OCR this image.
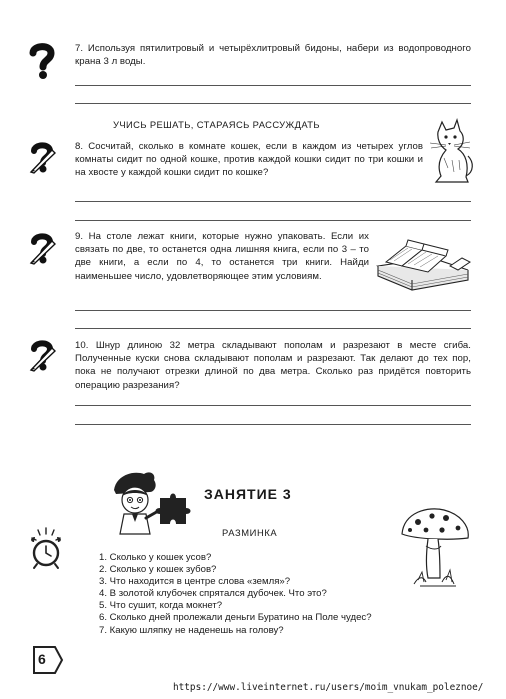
7. Используя пятилитровый и четырёхлитровый бидоны, набери из водопроводного крана 3 л воды.
УЧИСЬ РЕШАТЬ, СТАРАЯСЬ РАССУЖДАТЬ
8. Сосчитай, сколько в комнате кошек, если в каждом из четырех углов комнаты сидит по одной кошке, против каждой кошки сидит по три кошки и на хвосте у каждой кошки сидит по кошке?
9. На столе лежат книги, которые нужно упаковать. Если их связать по две, то останется одна лишняя книга, если по 3 – то две книги, а если по 4, то останется три книги. Найди наименьшее число, удовлетворяющее этим условиям.
10. Шнур длиною 32 метра складывают пополам и разрезают в месте сгиба. Полученные куски снова складывают пополам и разрезают. Так делают до тех пор, пока не получают отрезки длиной по два метра. Сколько раз придётся повторить операцию разрезания?
ЗАНЯТИЕ 3
РАЗМИНКА
1. Сколько у кошек усов?
2. Сколько у кошек зубов?
3. Что находится в центре слова «земля»?
4. В золотой клубочек спрятался дубочек. Что это?
5. Что сушит, когда мокнет?
6. Сколько дней пролежали деньги Буратино на Поле чудес?
7. Какую шляпку не наденешь на голову?
6
https://www.liveinternet.ru/users/moim_vnukam_poleznoe/
